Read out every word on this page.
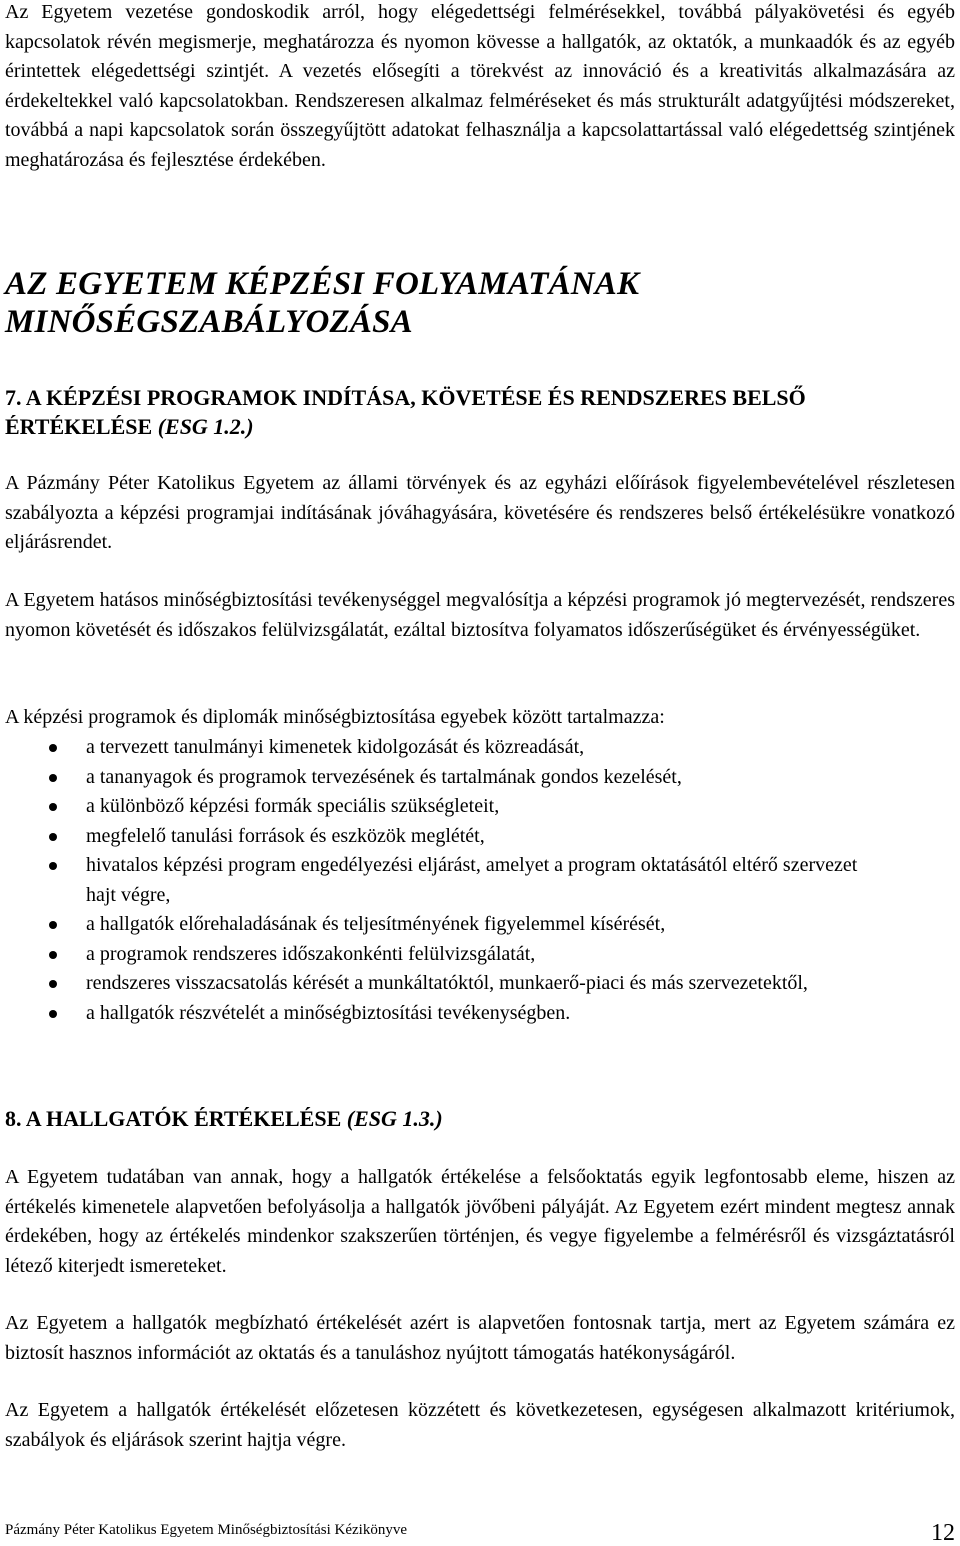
Az Egyetem vezetése gondoskodik arról, hogy elégedettségi felmérésekkel, továbbá pályakövetési és egyéb kapcsolatok révén megismerje, meghatározza és nyomon kövesse a hallgatók, az oktatók, a munkaadók és az egyéb érintettek elégedettségi szintjét. A vezetés elősegíti a törekvést az innováció és a kreativitás alkalmazására az érdekeltekkel való kapcsolatokban. Rendszeresen alkalmaz felméréseket és más strukturált adatgyűjtési módszereket, továbbá a napi kapcsolatok során összegyűjtött adatokat felhasználja a kapcsolattartással való elégedettség szintjének meghatározása és fejlesztése érdekében.

AZ EGYETEM KÉPZÉSI FOLYAMATÁNAK MINŐSÉGSZABÁLYOZÁSA
7. A KÉPZÉSI PROGRAMOK INDÍTÁSA, KÖVETÉSE ÉS RENDSZERES BELSŐ ÉRTÉKELÉSE (ESG 1.2.)

A Pázmány Péter Katolikus Egyetem az állami törvények és az egyházi előírások figyelembevételével részletesen szabályozta a képzési programjai indításának jóváhagyására, követésére és rendszeres belső értékelésükre vonatkozó eljárásrendet.

A Egyetem hatásos minőségbiztosítási tevékenységgel megvalósítja a képzési programok jó megtervezését, rendszeres nyomon követését és időszakos felülvizsgálatát, ezáltal biztosítva folyamatos időszerűségüket és érvényességüket.

A képzési programok és diplomák minőségbiztosítása egyebek között tartalmazza:

a tervezett tanulmányi kimenetek kidolgozását és közreadását,
a tananyagok és programok tervezésének és tartalmának gondos kezelését,
a különböző képzési formák speciális szükségleteit,
megfelelő tanulási források és eszközök meglétét,
hivatalos képzési program engedélyezési eljárást, amelyet a program oktatásától eltérő szervezet hajt végre,
a hallgatók előrehaladásának és teljesítményének figyelemmel kísérését,
a programok rendszeres időszakonkénti felülvizsgálatát,
rendszeres visszacsatolás kérését a munkáltatóktól, munkaerő-piaci és más szervezetektől,
a hallgatók részvételét a minőségbiztosítási tevékenységben.
8. A HALLGATÓK ÉRTÉKELÉSE (ESG 1.3.)

A Egyetem tudatában van annak, hogy a hallgatók értékelése a felsőoktatás egyik legfontosabb eleme, hiszen az értékelés kimenetele alapvetően befolyásolja a hallgatók jövőbeni pályáját. Az Egyetem ezért mindent megtesz annak érdekében, hogy az értékelés mindenkor szakszerűen történjen, és vegye figyelembe a felmérésről és vizsgáztatásról létező kiterjedt ismereteket.

Az Egyetem a hallgatók megbízható értékelését azért is alapvetően fontosnak tartja, mert az Egyetem számára ez biztosít hasznos információt az oktatás és a tanuláshoz nyújtott támogatás hatékonyságáról.

Az Egyetem a hallgatók értékelését előzetesen közzétett és következetesen, egységesen alkalmazott kritériumok, szabályok és eljárások szerint hajtja végre.

Pázmány Péter Katolikus Egyetem Minőségbiztosítási Kézikönyve	12
